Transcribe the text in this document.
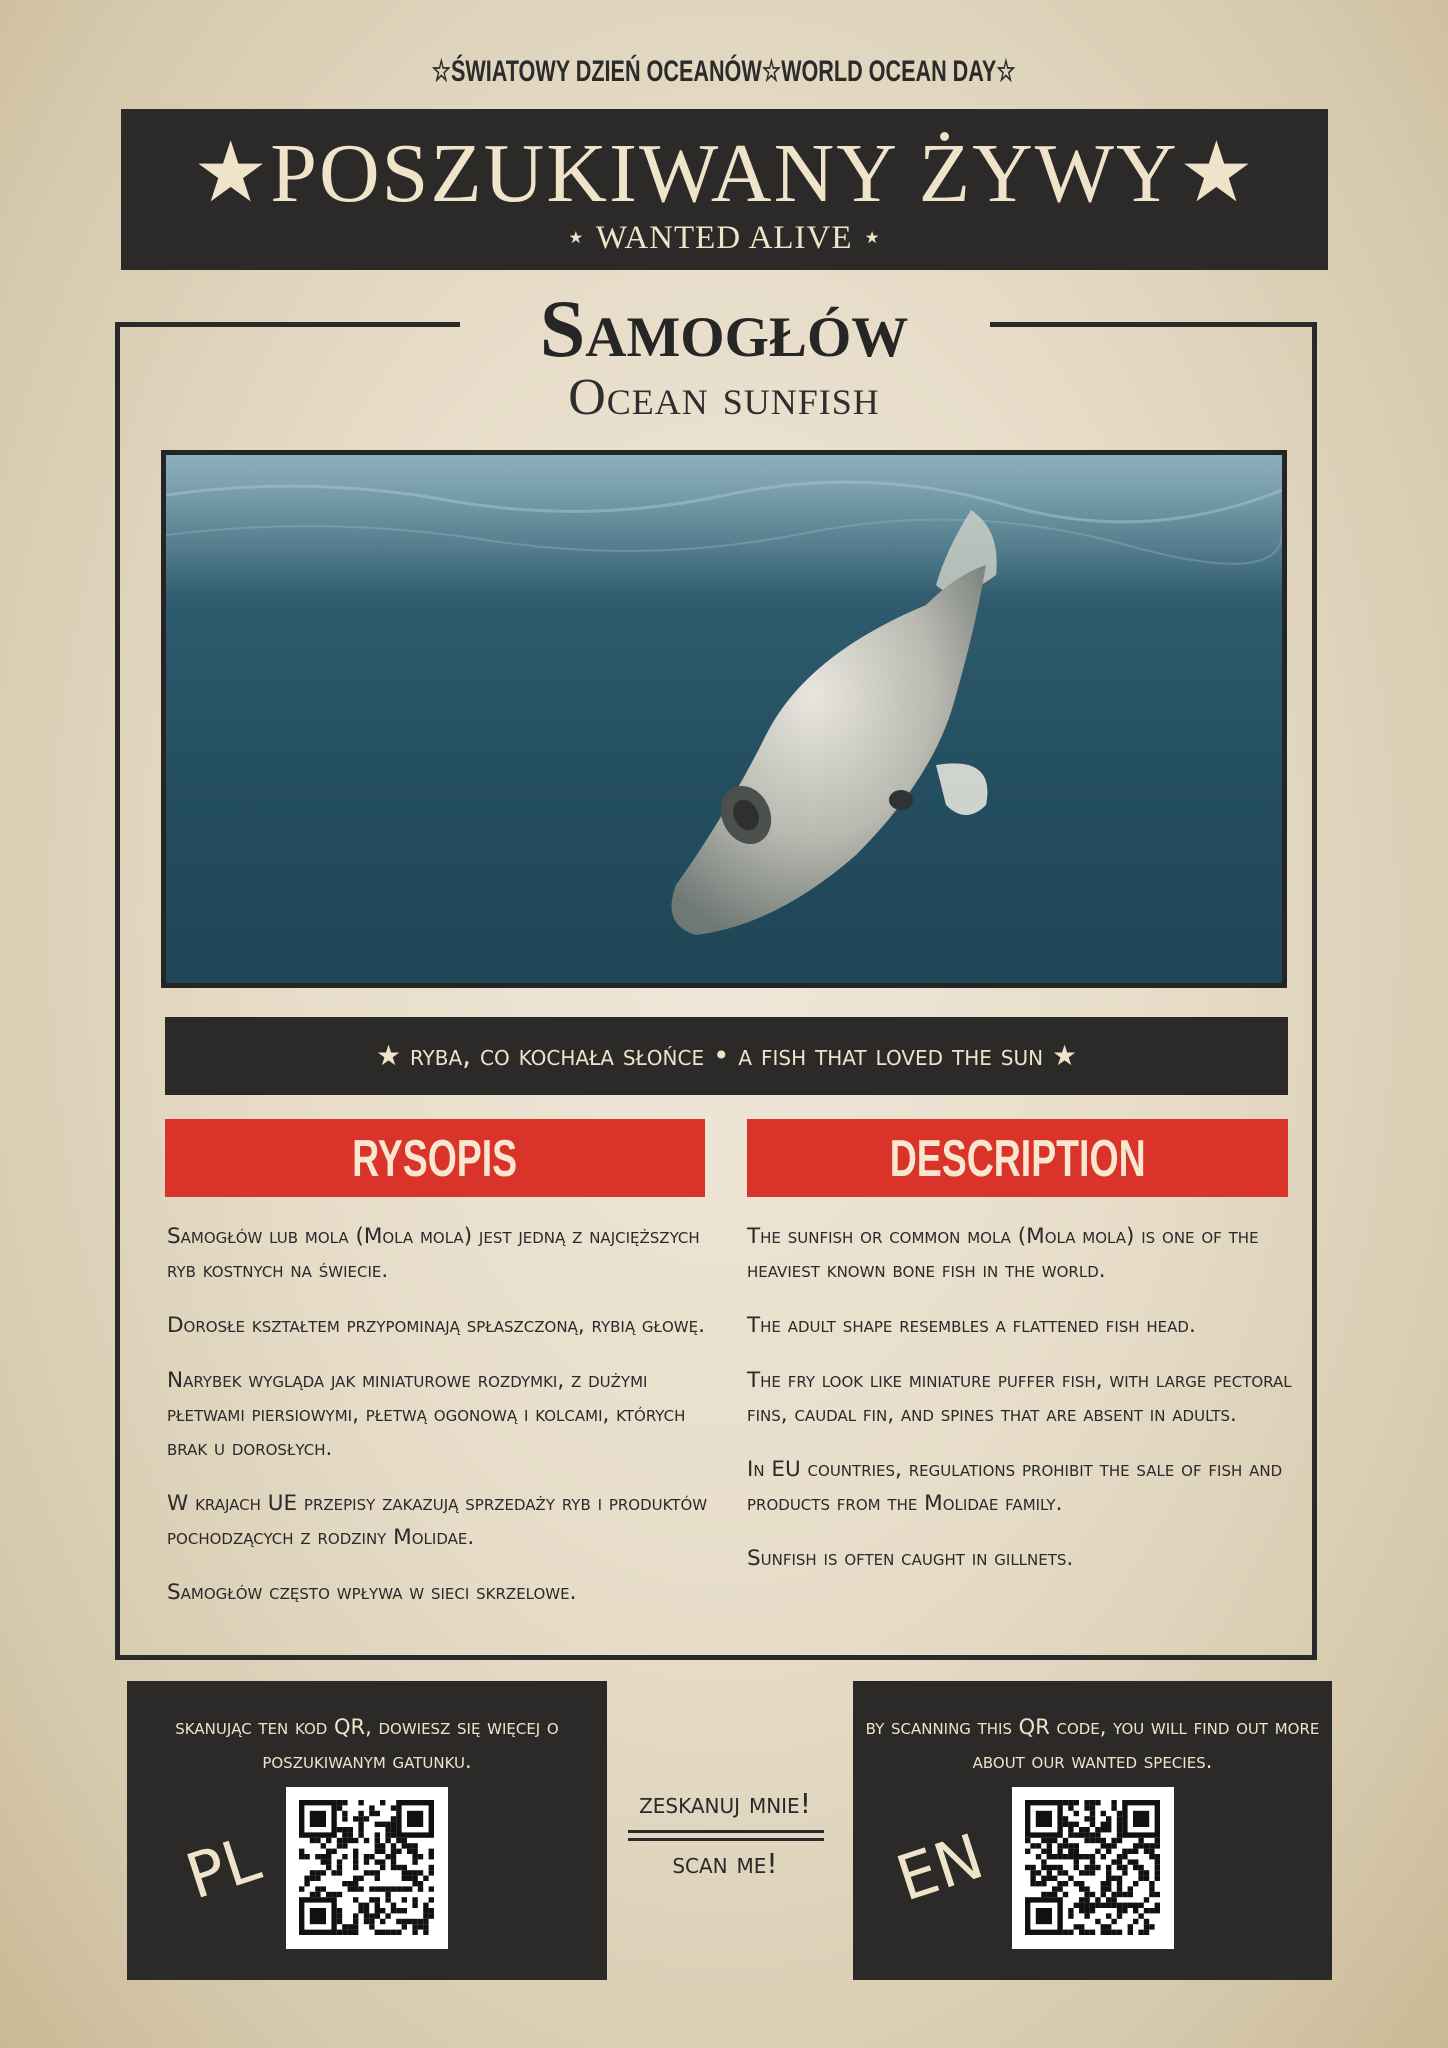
☆ŚWIATOWY DZIEŃ OCEANÓW☆WORLD OCEAN DAY☆
★POSZUKIWANY ŻYWY★
⋆ WANTED ALIVE ⋆
Samogłów
Ocean sunfish
★ ryba, co kochała słońce • a fish that loved the sun ★
RYSOPIS	DESCRIPTION

Samogłów lub mola (Mola mola) jest jedną z najcięższych ryb kostnych na świecie.

Dorosłe kształtem przypominają spłaszczoną, rybią głowę.

Narybek wygląda jak miniaturowe rozdymki, z dużymi płetwami piersiowymi, płetwą ogonową i kolcami, których brak u dorosłych.

W krajach UE przepisy zakazują sprzedaży ryb i produktów pochodzących z rodziny Molidae.

Samogłów często wpływa w sieci skrzelowe.

The sunfish or common mola (Mola mola) is one of the heaviest known bone fish in the world.

The adult shape resembles a flattened fish head.

The fry look like miniature puffer fish, with large pectoral fins, caudal fin, and spines that are absent in adults.

In EU countries, regulations prohibit the sale of fish and products from the Molidae family.

Sunfish is often caught in gillnets.

skanując ten kod QR, dowiesz się więcej o poszukiwanym gatunku.
PL
by scanning this QR code, you will find out more about our wanted species.
EN
zeskanuj mnie!
scan me!
